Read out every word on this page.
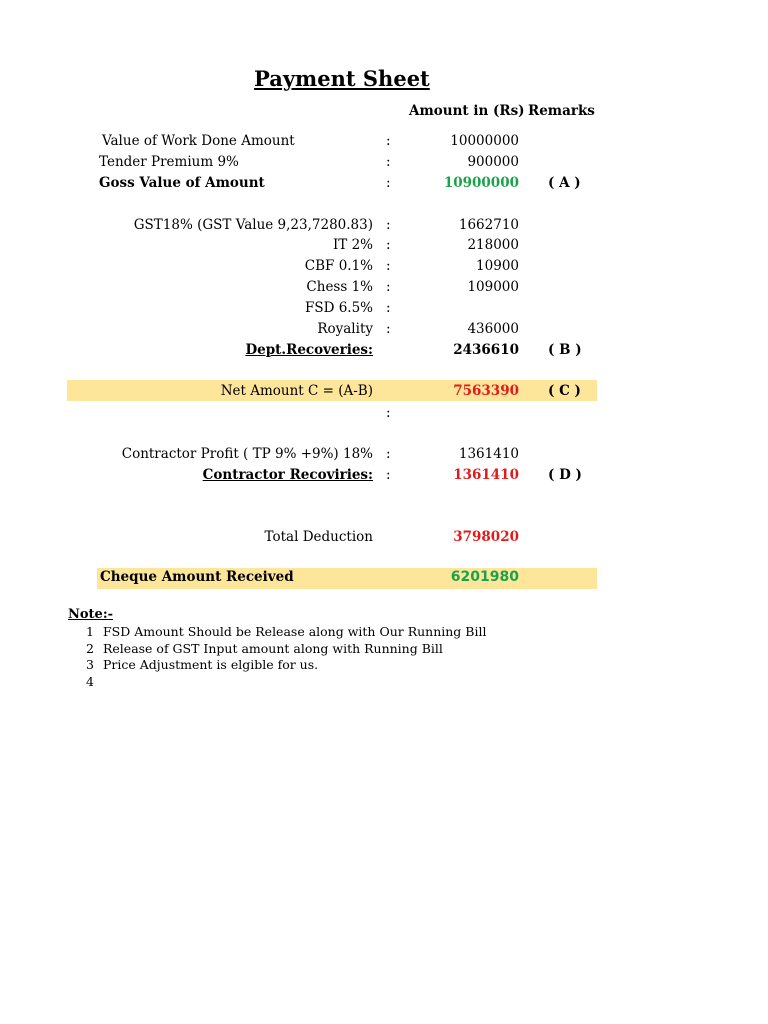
Payment Sheet
Amount in (Rs) Remarks
Value of Work Done Amount	:	10000000
Tender Premium 9%	:	900000
Goss Value of Amount	:	10900000 ( A )
GST18% (GST Value 9,23,7280.83) :	1662710
IT 2% :	218000
CBF 0.1% :	10900
Chess 1% :	109000
FSD 6.5% :
Royality :	436000
Dept.Recoveries:	2436610 ( B )
Net Amount C = (A-B)	7563390 ( C )
:
Contractor Profit ( TP 9% +9%) 18% :	1361410
Contractor Recoviries: :	1361410 ( D )
Total Deduction	3798020
Cheque Amount Received	6201980
Note:-
1 FSD Amount Should be Release along with Our Running Bill
2 Release of GST Input amount along with Running Bill
3 Price Adjustment is elgible for us.
4
